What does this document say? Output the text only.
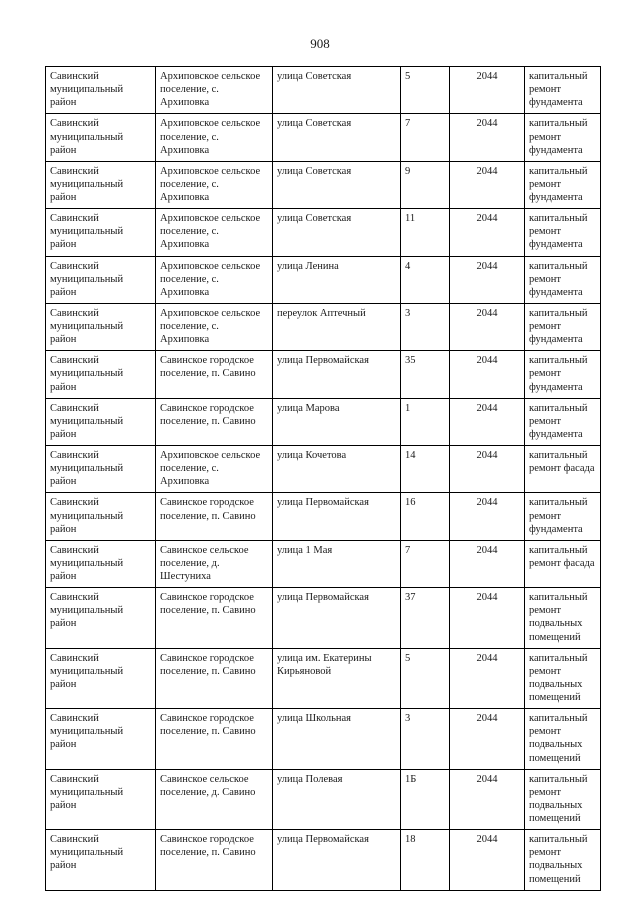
908
Савинский муниципальный район	Архиповское сельское поселение, с. Архиповка	улица Советская	5	2044	капитальный ремонт фундамента
Савинский муниципальный район	Архиповское сельское поселение, с. Архиповка	улица Советская	7	2044	капитальный ремонт фундамента
Савинский муниципальный район	Архиповское сельское поселение, с. Архиповка	улица Советская	9	2044	капитальный ремонт фундамента
Савинский муниципальный район	Архиповское сельское поселение, с. Архиповка	улица Советская	11	2044	капитальный ремонт фундамента
Савинский муниципальный район	Архиповское сельское поселение, с. Архиповка	улица Ленина	4	2044	капитальный ремонт фундамента
Савинский муниципальный район	Архиповское сельское поселение, с. Архиповка	переулок Аптечный	3	2044	капитальный ремонт фундамента
Савинский муниципальный район	Савинское городское поселение, п. Савино	улица Первомайская	35	2044	капитальный ремонт фундамента
Савинский муниципальный район	Савинское городское поселение, п. Савино	улица Марова	1	2044	капитальный ремонт фундамента
Савинский муниципальный район	Архиповское сельское поселение, с. Архиповка	улица Кочетова	14	2044	капитальный ремонт фасада
Савинский муниципальный район	Савинское городское поселение, п. Савино	улица Первомайская	16	2044	капитальный ремонт фундамента
Савинский муниципальный район	Савинское сельское поселение, д. Шестуниха	улица 1 Мая	7	2044	капитальный ремонт фасада
Савинский муниципальный район	Савинское городское поселение, п. Савино	улица Первомайская	37	2044	капитальный ремонт подвальных помещений
Савинский муниципальный район	Савинское городское поселение, п. Савино	улица им. Екатерины Кирьяновой	5	2044	капитальный ремонт подвальных помещений
Савинский муниципальный район	Савинское городское поселение, п. Савино	улица Школьная	3	2044	капитальный ремонт подвальных помещений
Савинский муниципальный район	Савинское сельское поселение, д. Савино	улица Полевая	1Б	2044	капитальный ремонт подвальных помещений
Савинский муниципальный район	Савинское городское поселение, п. Савино	улица Первомайская	18	2044	капитальный ремонт подвальных помещений
